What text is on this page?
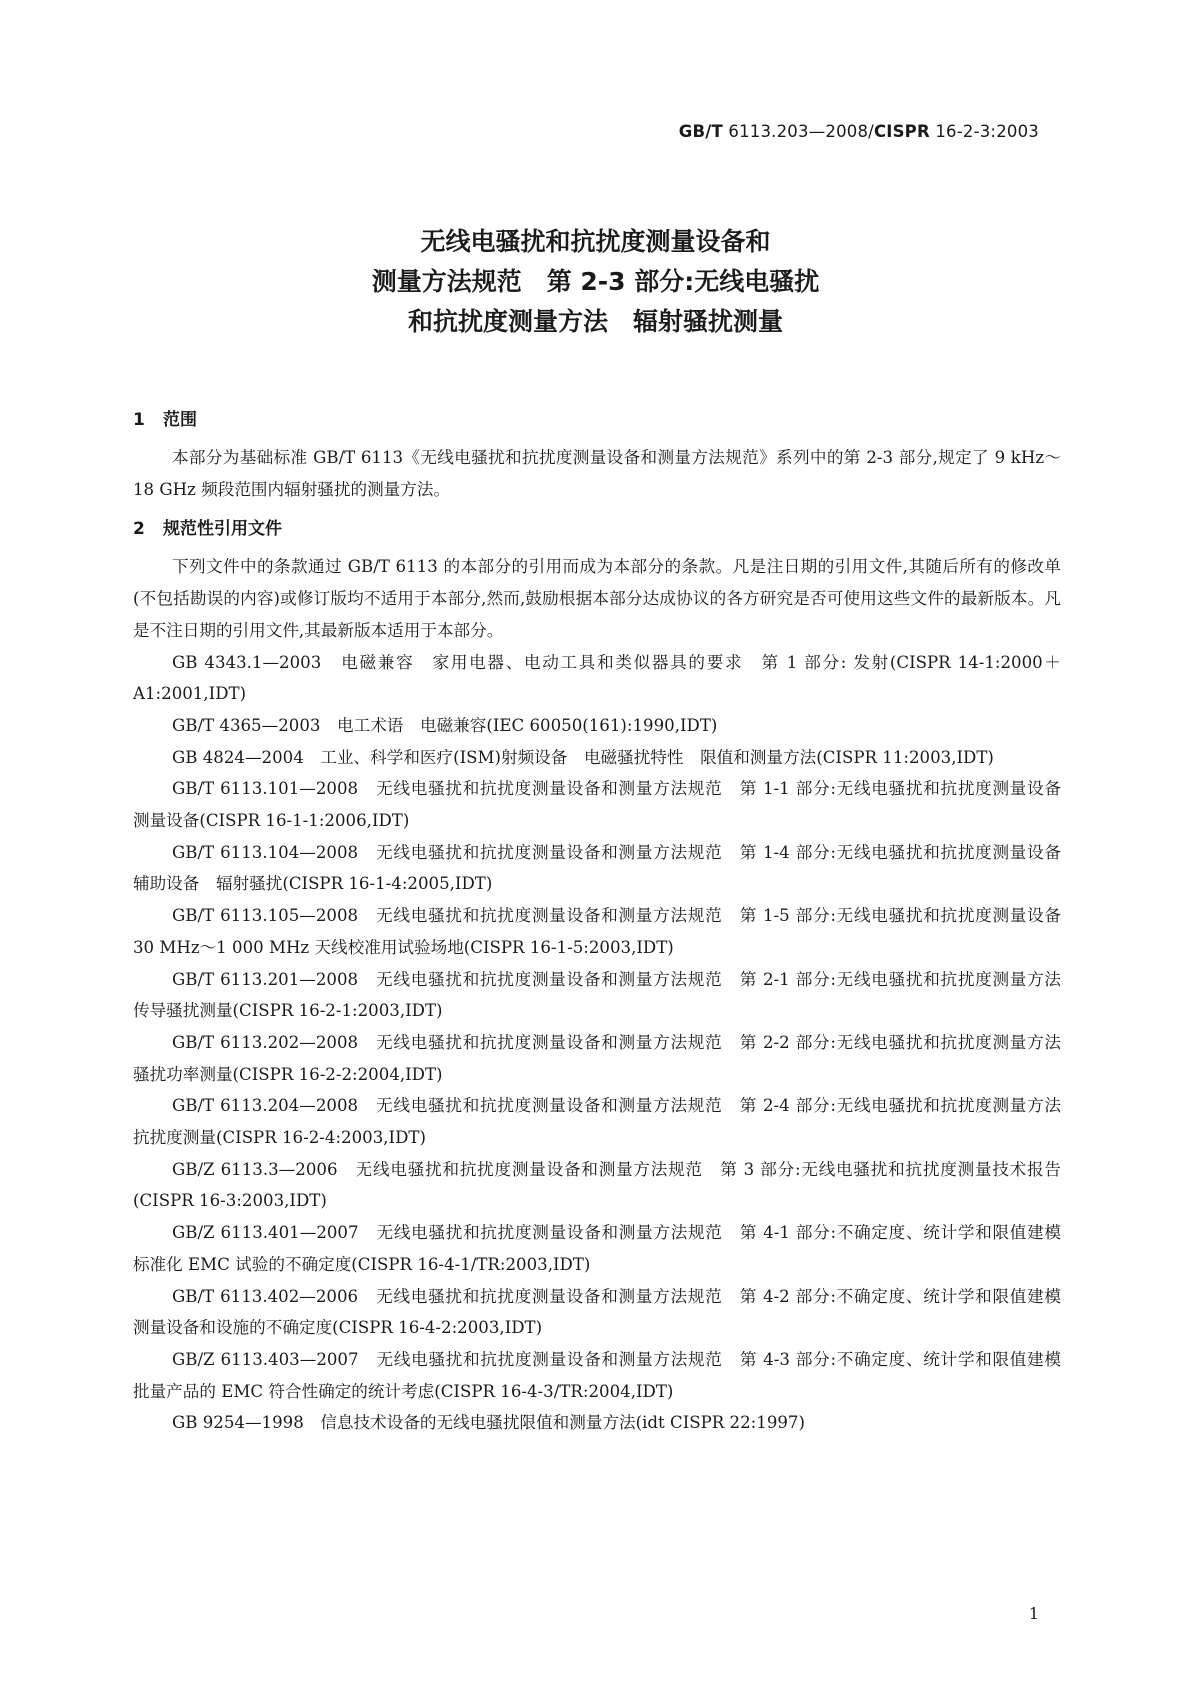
GB/T 6113.203—2008/CISPR 16-2-3:2003
无线电骚扰和抗扰度测量设备和
测量方法规范　第 2-3 部分:无线电骚扰
和抗扰度测量方法　辐射骚扰测量
1 范围

本部分为基础标准 GB/T 6113《无线电骚扰和抗扰度测量设备和测量方法规范》系列中的第 2-3 部分,规定了 9 kHz～18 GHz 频段范围内辐射骚扰的测量方法。

2 规范性引用文件

下列文件中的条款通过 GB/T 6113 的本部分的引用而成为本部分的条款。凡是注日期的引用文件,其随后所有的修改单(不包括勘误的内容)或修订版均不适用于本部分,然而,鼓励根据本部分达成协议的各方研究是否可使用这些文件的最新版本。凡是不注日期的引用文件,其最新版本适用于本部分。

GB 4343.1—2003　 电磁兼容　家用电器、电动工具和类似器具的要求　第 1 部分: 发射(CISPR 14-1:2000＋A1:2001,IDT)

GB/T 4365—2003　 电工术语　电磁兼容(IEC 60050(161):1990,IDT)

GB 4824—2004　 工业、科学和医疗(ISM)射频设备　电磁骚扰特性　限值和测量方法(CISPR 11:2003,IDT)

GB/T 6113.101—2008　 无线电骚扰和抗扰度测量设备和测量方法规范　第 1-1 部分:无线电骚扰和抗扰度测量设备　测量设备(CISPR 16-1-1:2006,IDT)

GB/T 6113.104—2008　 无线电骚扰和抗扰度测量设备和测量方法规范　第 1-4 部分:无线电骚扰和抗扰度测量设备　辅助设备　辐射骚扰(CISPR 16-1-4:2005,IDT)

GB/T 6113.105—2008　 无线电骚扰和抗扰度测量设备和测量方法规范　第 1-5 部分:无线电骚扰和抗扰度测量设备　30 MHz～1 000 MHz 天线校准用试验场地(CISPR 16-1-5:2003,IDT)

GB/T 6113.201—2008　 无线电骚扰和抗扰度测量设备和测量方法规范　第 2-1 部分:无线电骚扰和抗扰度测量方法　传导骚扰测量(CISPR 16-2-1:2003,IDT)

GB/T 6113.202—2008　 无线电骚扰和抗扰度测量设备和测量方法规范　第 2-2 部分:无线电骚扰和抗扰度测量方法　骚扰功率测量(CISPR 16-2-2:2004,IDT)

GB/T 6113.204—2008　 无线电骚扰和抗扰度测量设备和测量方法规范　第 2-4 部分:无线电骚扰和抗扰度测量方法　抗扰度测量(CISPR 16-2-4:2003,IDT)

GB/Z 6113.3—2006　 无线电骚扰和抗扰度测量设备和测量方法规范　第 3 部分:无线电骚扰和抗扰度测量技术报告(CISPR 16-3:2003,IDT)

GB/Z 6113.401—2007　 无线电骚扰和抗扰度测量设备和测量方法规范　第 4-1 部分:不确定度、统计学和限值建模　标准化 EMC 试验的不确定度(CISPR 16-4-1/TR:2003,IDT)

GB/T 6113.402—2006　 无线电骚扰和抗扰度测量设备和测量方法规范　第 4-2 部分:不确定度、统计学和限值建模　测量设备和设施的不确定度(CISPR 16-4-2:2003,IDT)

GB/Z 6113.403—2007　 无线电骚扰和抗扰度测量设备和测量方法规范　第 4-3 部分:不确定度、统计学和限值建模　批量产品的 EMC 符合性确定的统计考虑(CISPR 16-4-3/TR:2004,IDT)

GB 9254—1998　 信息技术设备的无线电骚扰限值和测量方法(idt CISPR 22:1997)

1
